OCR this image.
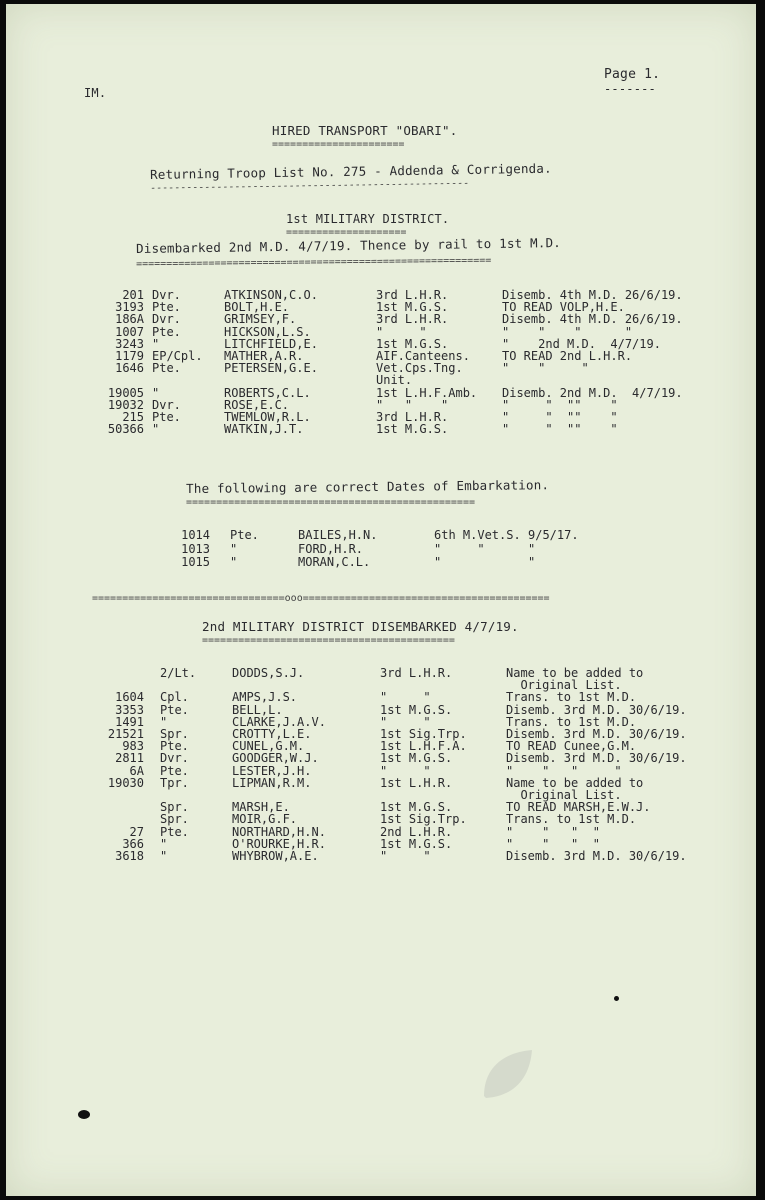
IM.
Page 1.
-------
HIRED TRANSPORT "OBARI".
======================
Returning Troop List No. 275 - Addenda & Corrigenda.
-----------------------------------------------------
1st MILITARY DISTRICT.
====================
Disembarked 2nd M.D. 4/7/19. Thence by rail to 1st M.D.
===========================================================
201 Dvr.	ATKINSON,C.O.	3rd L.H.R.	Disemb. 4th M.D. 26/6/19.
3193 Pte.	BOLT,H.E.	1st M.G.S.	TO READ VOLP,H.E.
186A Dvr.	GRIMSEY,F.	3rd L.H.R.	Disemb. 4th M.D. 26/6/19.
1007 Pte.	HICKSON,L.S.	"     "	"    "    "      "
3243 "	LITCHFIELD,E.	1st M.G.S.	"    2nd M.D.  4/7/19.
1179 EP/Cpl. MATHER,A.R.	AIF.Canteens.	TO READ 2nd L.H.R.
1646 Pte.	PETERSEN,G.E.	Vet.Cps.Tng.	"    "     "
Unit.
19005 "	ROBERTS,C.L.	1st L.H.F.Amb. Disemb. 2nd M.D.  4/7/19.
19032 Dvr.	ROSE,E.C.	"   "    "	"     "  ""    "
215 Pte.	TWEMLOW,R.L.	3rd L.H.R.	"     "  ""    "
50366 "	WATKIN,J.T.	1st M.G.S.	"     "  ""    "
The following are correct Dates of Embarkation.
================================================
1014 Pte.	BAILES,H.N.	6th M.Vet.S. 9/5/17.
1013 "	FORD,H.R.	"     "	"
1015 "	MORAN,C.L.	"	"
================================ooo=========================================
2nd MILITARY DISTRICT DISEMBARKED 4/7/19.
==========================================
2/Lt.	DODDS,S.J.	3rd L.H.R.	Name to be added to
Original List.
1604 Cpl.	AMPS,J.S.	"     "	Trans. to 1st M.D.
3353 Pte.	BELL,L.	1st M.G.S.	Disemb. 3rd M.D. 30/6/19.
1491 "	CLARKE,J.A.V.	"     "	Trans. to 1st M.D.
21521 Spr.	CROTTY,L.E.	1st Sig.Trp.	Disemb. 3rd M.D. 30/6/19.
983 Pte.	CUNEL,G.M.	1st L.H.F.A.	TO READ Cunee,G.M.
2811 Dvr.	GOODGER,W.J.	1st M.G.S.	Disemb. 3rd M.D. 30/6/19.
6A Pte.	LESTER,J.H.	"     "	"    "   "     "
19030 Tpr.	LIPMAN,R.M.	1st L.H.R.	Name to be added to
Original List.
Spr.	MARSH,E.	1st M.G.S.	TO READ MARSH,E.W.J.
Spr.	MOIR,G.F.	1st Sig.Trp.	Trans. to 1st M.D.
27 Pte.	NORTHARD,H.N.	2nd L.H.R.	"    "   "  "
366 "	O'ROURKE,H.R.	1st M.G.S.	"    "   "  "
3618 "	WHYBROW,A.E.	"     "	Disemb. 3rd M.D. 30/6/19.
